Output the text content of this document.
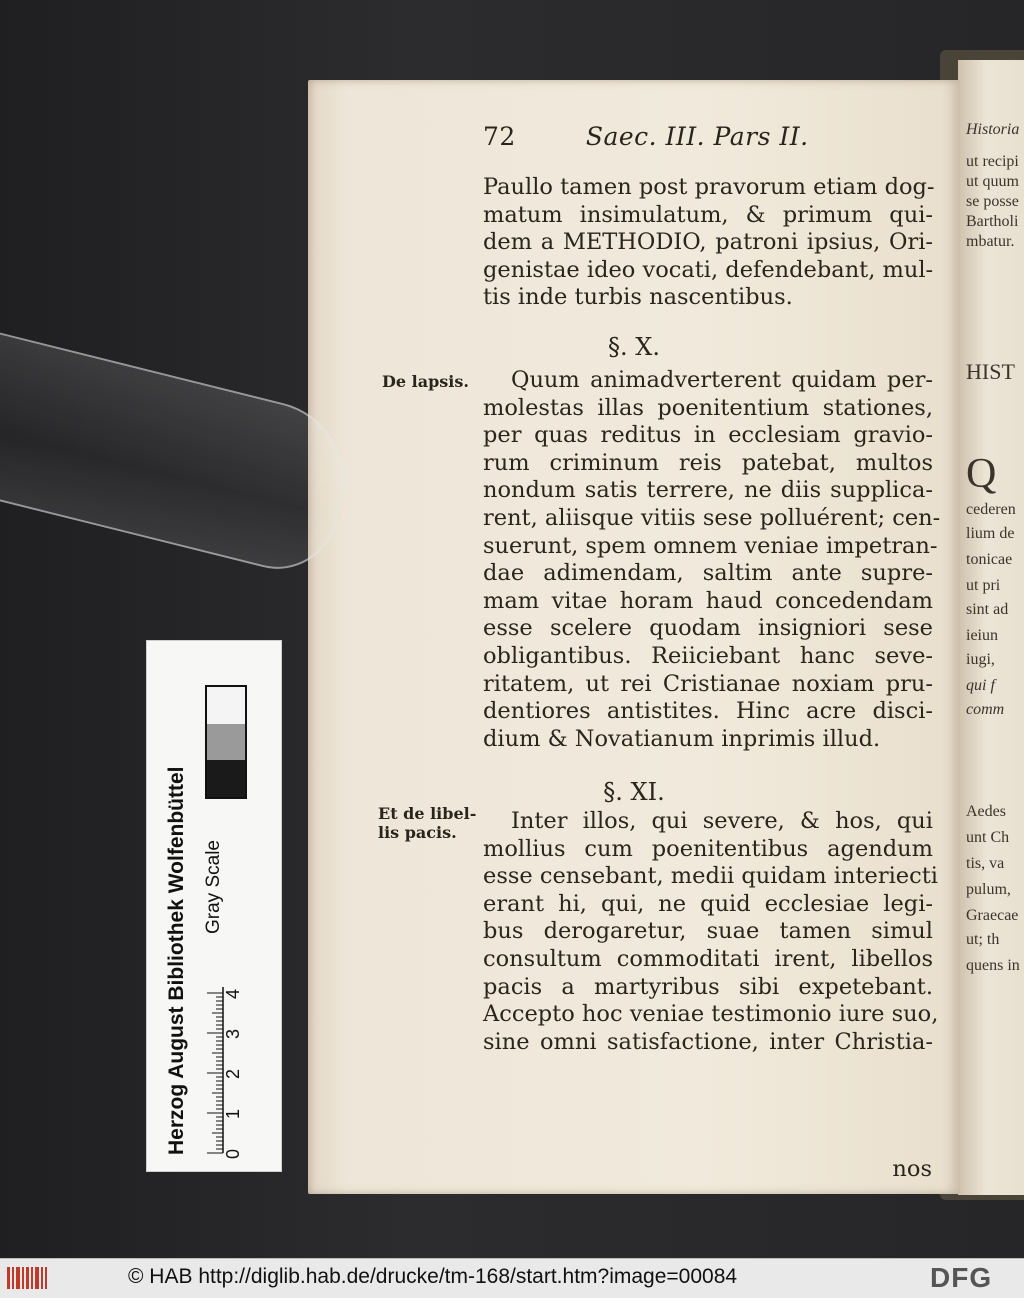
Historia
ut recipi
ut quum
se posse
Bartholi
mbatur.
HIST
Q
cederen
lium de
tonicae
ut pri
sint ad
ieiun
iugi,
qui f
comm
Aedes
unt Ch
tis, va
pulum,
Graecae
ut; th
quens in
72	Saec. III. Pars II.
Paullo tamen post pravorum etiam dog-
matum insimulatum, & primum qui-
dem a METHODIO, patroni ipsius, Ori-
genistae ideo vocati, defendebant, mul-
tis inde turbis nascentibus.
§. X.
De lapsis.	Quum animadverterent quidam per-
molestas illas poenitentium stationes,
per quas reditus in ecclesiam gravio-
rum criminum reis patebat, multos
nondum satis terrere, ne diis supplica-
rent, aliisque vitiis sese polluérent; cen-
suerunt, spem omnem veniae impetran-
dae adimendam, saltim ante supre-
mam vitae horam haud concedendam
esse scelere quodam insigniori sese
obligantibus. Reiiciebant hanc seve-
ritatem, ut rei Cristianae noxiam pru-
dentiores antistites. Hinc acre disci-
dium & Novatianum inprimis illud.
§. XI.
Et de libel-
lis pacis.	Inter illos, qui severe, & hos, qui
mollius cum poenitentibus agendum
esse censebant, medii quidam interiecti
erant hi, qui, ne quid ecclesiae legi-
bus derogaretur, suae tamen simul
consultum commoditati irent, libellos
pacis a martyribus sibi expetebant.
Accepto hoc veniae testimonio iure suo,
sine omni satisfactione, inter Christia-
nos
Herzog August Bibliothek Wolfenbüttel Gray Scale
0
1
2
3
4
© HAB http://diglib.hab.de/drucke/tm-168/start.htm?image=00084	DFG
